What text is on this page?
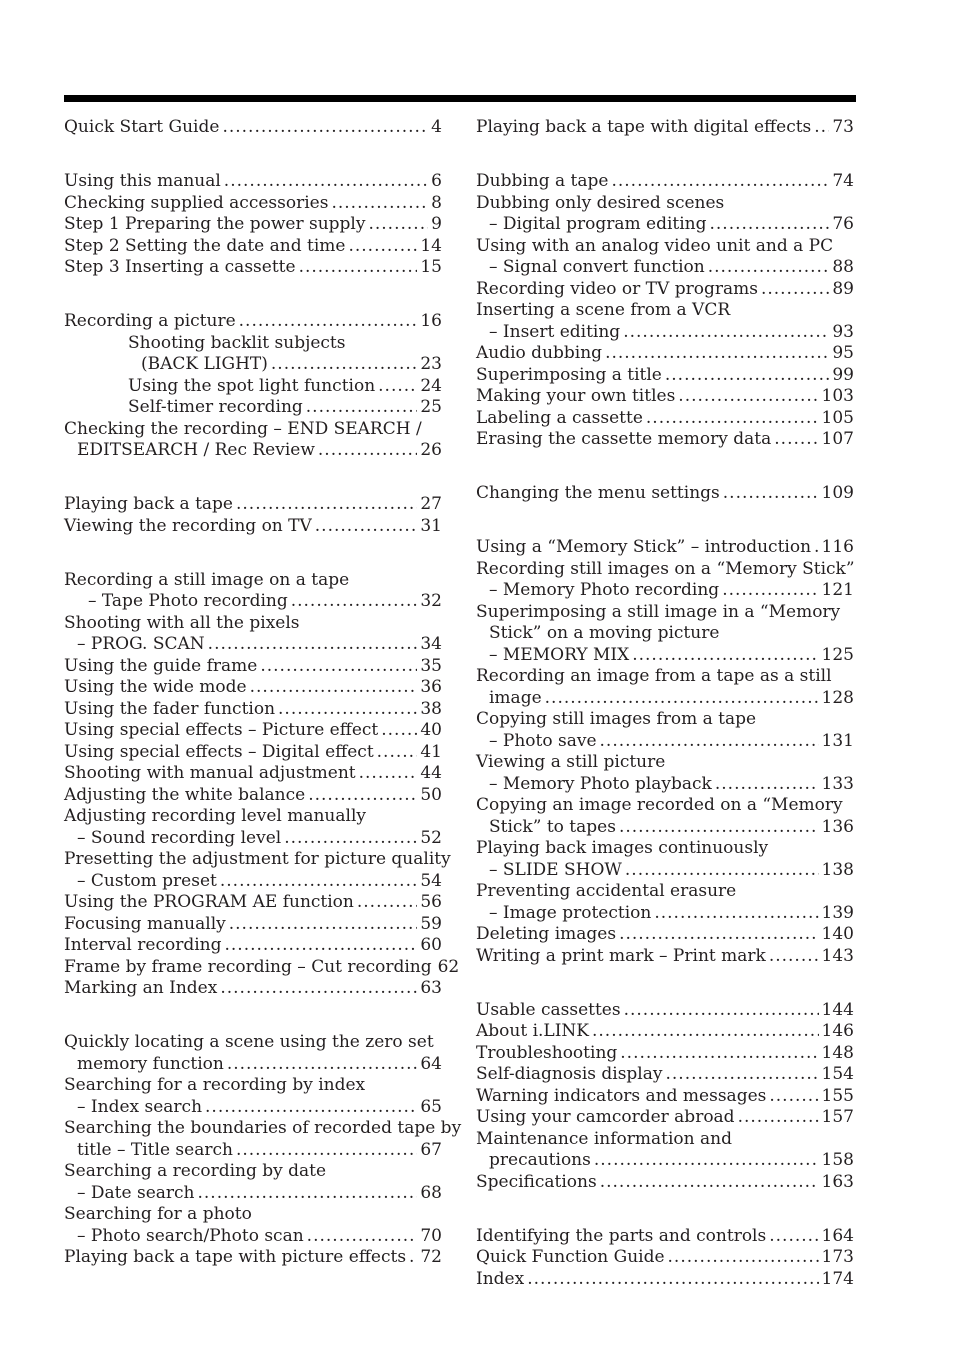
Quick Start Guide .....	4
Using this manual .....	6
Checking supplied accessories .....	8
Step 1 Preparing the power supply .....	9
Step 2 Setting the date and time .....	14
Step 3 Inserting a cassette .....	15
Recording a picture .....	16
Shooting backlit subjects
(BACK LIGHT) .....	23
Using the spot light function .....	24
Self-timer recording .....	25
Checking the recording – END SEARCH /
EDITSEARCH / Rec Review .....	26
Playing back a tape .....	27
Viewing the recording on TV .....	31
Recording a still image on a tape
– Tape Photo recording .....	32
Shooting with all the pixels
– PROG. SCAN .....	34
Using the guide frame .....	35
Using the wide mode .....	36
Using the fader function .....	38
Using special effects – Picture effect ..... 40
Using special effects – Digital effect .....	41
Shooting with manual adjustment .....	44
Adjusting the white balance .....	50
Adjusting recording level manually
– Sound recording level .....	52
Presetting the adjustment for picture quality
– Custom preset .....	54
Using the PROGRAM AE function .....	56
Focusing manually .....	59
Interval recording .....	60
Frame by frame recording – Cut recording 62
Marking an Index .....	63
Quickly locating a scene using the zero set
memory function .....	64
Searching for a recording by index
– Index search .....	65
Searching the boundaries of recorded tape by
title – Title search .....	67
Searching a recording by date
– Date search .....	68
Searching for a photo
– Photo search/Photo scan .....	70
Playing back a tape with picture effects ..... 72
Playing back a tape with digital effects ..... 73
Dubbing a tape .....	74
Dubbing only desired scenes
– Digital program editing .....	76
Using with an analog video unit and a PC
– Signal convert function .....	88
Recording video or TV programs .....	89
Inserting a scene from a VCR
– Insert editing .....	93
Audio dubbing .....	95
Superimposing a title .....	99
Making your own titles .....	103
Labeling a cassette .....	105
Erasing the cassette memory data .....	107
Changing the menu settings .....	109
Using a “Memory Stick” – introduction ..... 116
Recording still images on a “Memory Stick”
– Memory Photo recording .....	121
Superimposing a still image in a “Memory
Stick” on a moving picture
– MEMORY MIX .....	125
Recording an image from a tape as a still
image .....	128
Copying still images from a tape
– Photo save .....	131
Viewing a still picture
– Memory Photo playback .....	133
Copying an image recorded on a “Memory
Stick” to tapes .....	136
Playing back images continuously
– SLIDE SHOW .....	138
Preventing accidental erasure
– Image protection .....	139
Deleting images .....	140
Writing a print mark – Print mark .....	143
Usable cassettes .....	144
About i.LINK .....	146
Troubleshooting .....	148
Self-diagnosis display .....	154
Warning indicators and messages .....	155
Using your camcorder abroad .....	157
Maintenance information and
precautions .....	158
Specifications .....	163
Identifying the parts and controls .....	164
Quick Function Guide .....	173
Index .....	174
